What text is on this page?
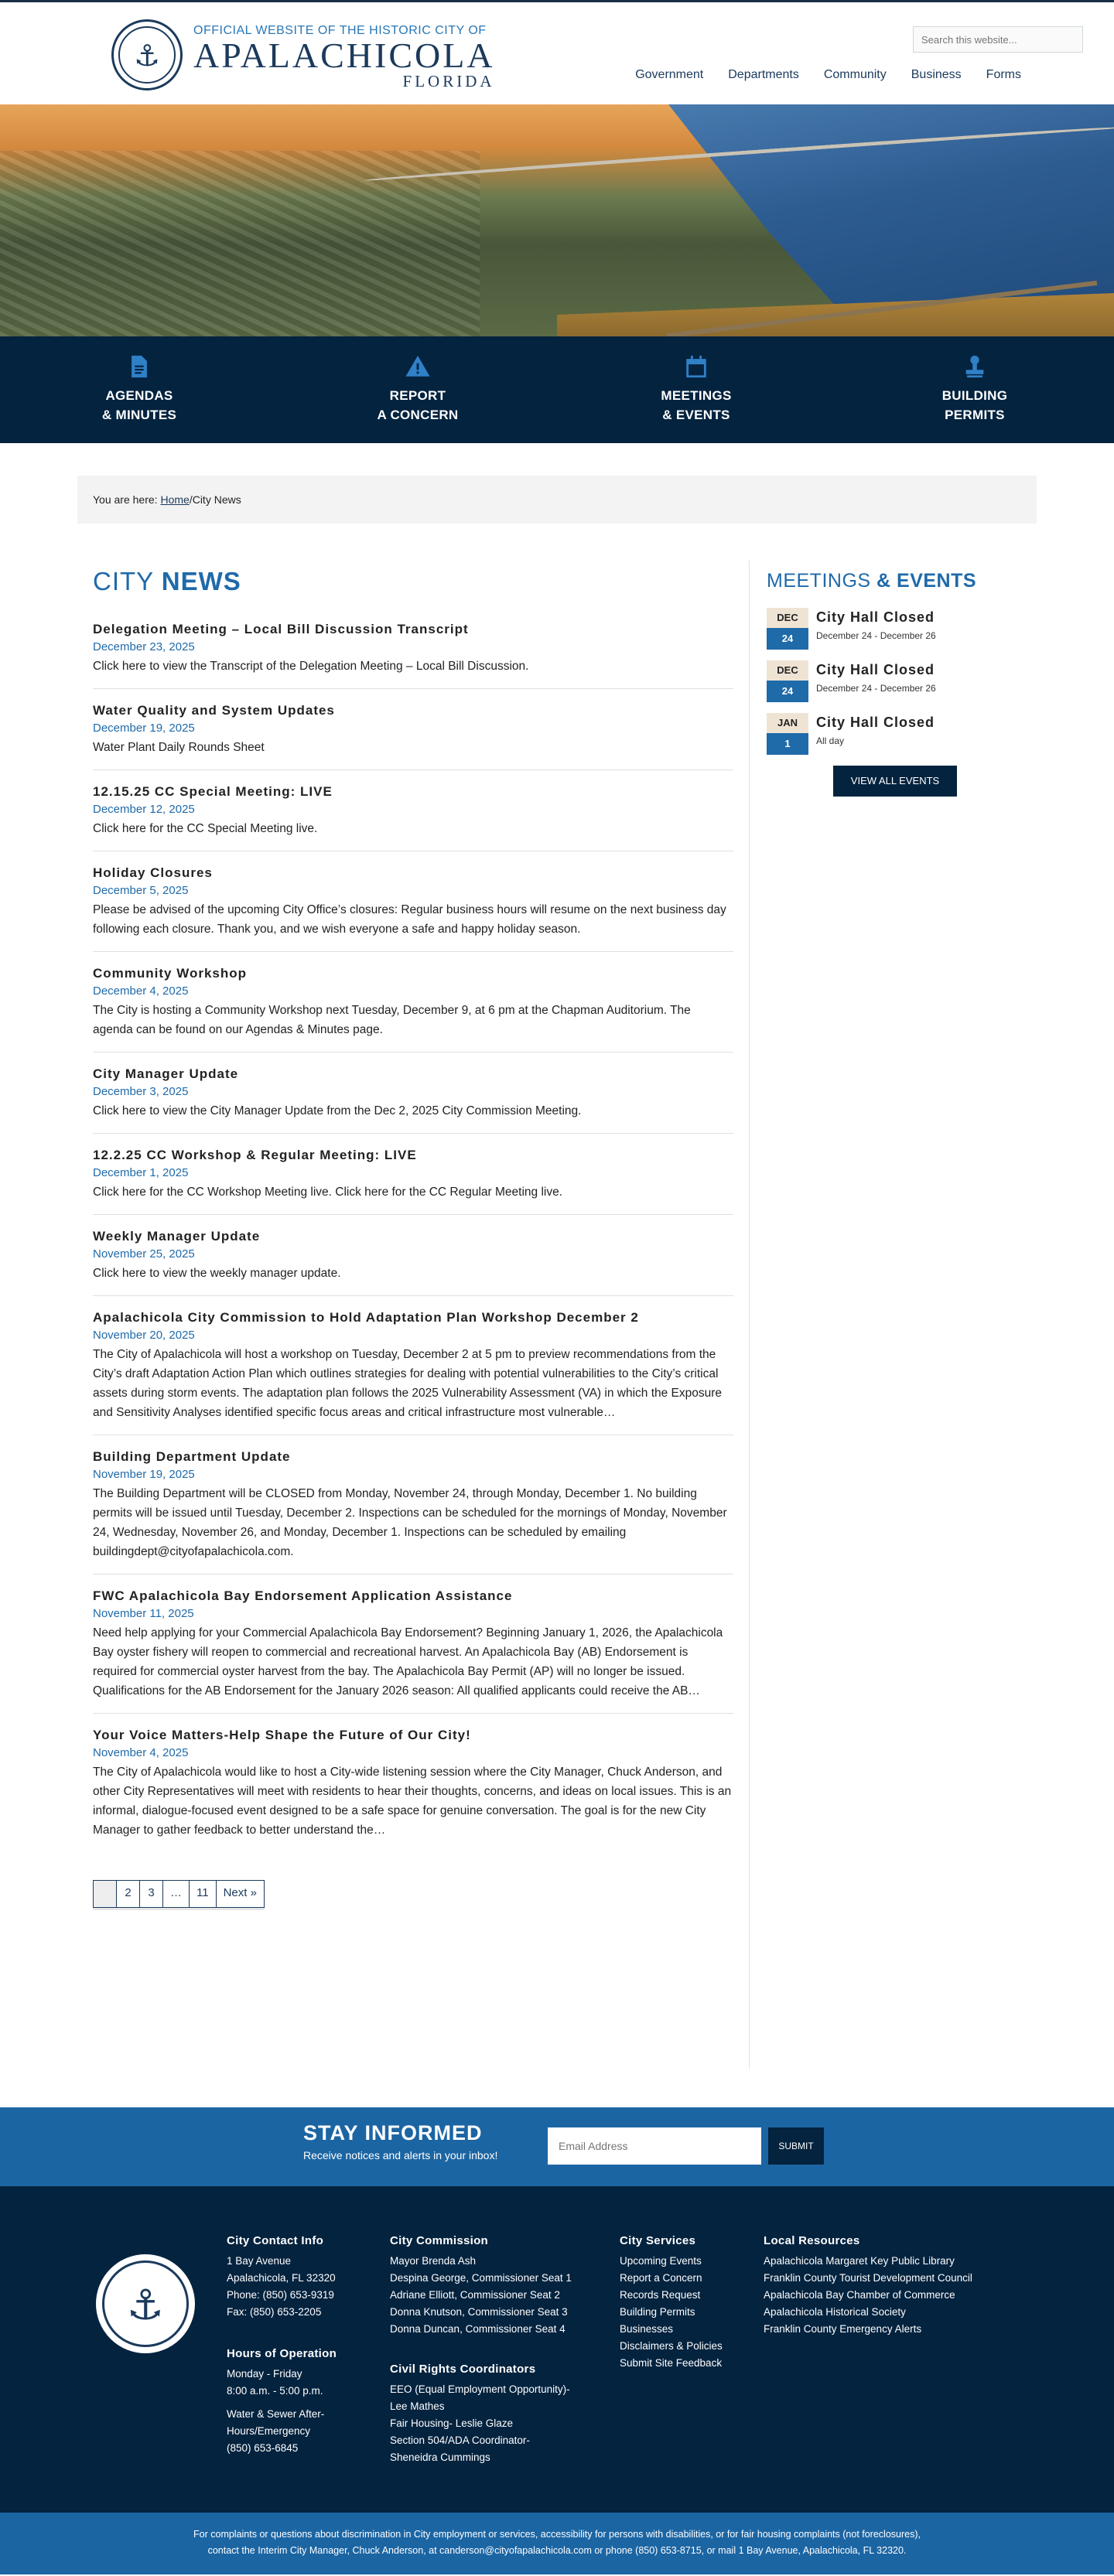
⚓
OFFICIAL WEBSITE OF THE HISTORIC CITY OF
APALACHICOLA
FLORIDA
Search this website...	Government Departments Community Business Forms
AGENDAS
& MINUTES
REPORT
A CONCERN
MEETINGS
& EVENTS
BUILDING
PERMITS
You are here:
Home / City News
CITY NEWS
Delegation Meeting – Local Bill Discussion Transcript
December 23, 2025
Click here to view the Transcript of the Delegation Meeting – Local Bill Discussion.
Water Quality and System Updates
December 19, 2025
Water Plant Daily Rounds Sheet
12.15.25 CC Special Meeting: LIVE
December 12, 2025
Click here for the CC Special Meeting live.
Holiday Closures
December 5, 2025
Please be advised of the upcoming City Office’s closures: Regular business hours will resume on the next business day following each closure. Thank you, and we wish everyone a safe and happy holiday season.
Community Workshop
December 4, 2025
The City is hosting a Community Workshop next Tuesday, December 9, at 6 pm at the Chapman Auditorium. The agenda can be found on our Agendas & Minutes page.
City Manager Update
December 3, 2025
Click here to view the City Manager Update from the Dec 2, 2025 City Commission Meeting.
12.2.25 CC Workshop & Regular Meeting: LIVE
December 1, 2025
Click here for the CC Workshop Meeting live. Click here for the CC Regular Meeting live.
Weekly Manager Update
November 25, 2025
Click here to view the weekly manager update.
Apalachicola City Commission to Hold Adaptation Plan Workshop December 2
November 20, 2025
The City of Apalachicola will host a workshop on Tuesday, December 2 at 5 pm to preview recommendations from the City’s draft Adaptation Action Plan which outlines strategies for dealing with potential vulnerabilities to the City’s critical assets during storm events. The adaptation plan follows the 2025 Vulnerability Assessment (VA) in which the Exposure and Sensitivity Analyses identified specific focus areas and critical infrastructure most vulnerable…
Building Department Update
November 19, 2025
The Building Department will be CLOSED from Monday, November 24, through Monday, December 1. No building permits will be issued until Tuesday, December 2. Inspections can be scheduled for the mornings of Monday, November 24, Wednesday, November 26, and Monday, December 1. Inspections can be scheduled by emailing buildingdept@cityofapalachicola.com.
FWC Apalachicola Bay Endorsement Application Assistance
November 11, 2025
Need help applying for your Commercial Apalachicola Bay Endorsement? Beginning January 1, 2026, the Apalachicola Bay oyster fishery will reopen to commercial and recreational harvest. An Apalachicola Bay (AB) Endorsement is required for commercial oyster harvest from the bay. The Apalachicola Bay Permit (AP) will no longer be issued. Qualifications for the AB Endorsement for the January 2026 season: All qualified applicants could receive the AB…
Your Voice Matters-Help Shape the Future of Our City!
November 4, 2025
The City of Apalachicola would like to host a City-wide listening session where the City Manager, Chuck Anderson, and other City Representatives will meet with residents to hear their thoughts, concerns, and ideas on local issues. This is an informal, dialogue-focused event designed to be a safe space for genuine conversation. The goal is for the new City Manager to gather feedback to better understand the…
2	3	…	11	Next »
MEETINGS & EVENTS
DEC
24
City Hall Closed
December 24 - December 26
DEC
24
City Hall Closed
December 24 - December 26
JAN
1
City Hall Closed
All day
VIEW ALL EVENTS
STAY INFORMED
Receive notices and alerts in your inbox!
Email Address
SUBMIT
⚓
City Contact Info

1 Bay Avenue

Apalachicola, FL 32320

Phone: (850) 653-9319

Fax: (850) 653-2205

Hours of Operation

Monday - Friday

8:00 a.m. - 5:00 p.m.

Water & Sewer After-

Hours/Emergency

(850) 653-6845

City Commission

Mayor Brenda Ash

Despina George, Commissioner Seat 1

Adriane Elliott, Commissioner Seat 2

Donna Knutson, Commissioner Seat 3

Donna Duncan, Commissioner Seat 4

Civil Rights Coordinators

EEO (Equal Employment Opportunity)-

Lee Mathes

Fair Housing- Leslie Glaze

Section 504/ADA Coordinator-

Sheneidra Cummings

City Services

Upcoming Events

Report a Concern

Records Request

Building Permits

Businesses

Disclaimers & Policies

Submit Site Feedback

Local Resources

Apalachicola Margaret Key Public Library

Franklin County Tourist Development Council

Apalachicola Bay Chamber of Commerce

Apalachicola Historical Society

Franklin County Emergency Alerts

For complaints or questions about discrimination in City employment or services, accessibility for persons with disabilities, or for fair housing complaints (not foreclosures),
contact the Interim City Manager, Chuck Anderson, at canderson@cityofapalachicola.com or phone (850) 653-8715, or mail 1 Bay Avenue, Apalachicola, FL 32320.
